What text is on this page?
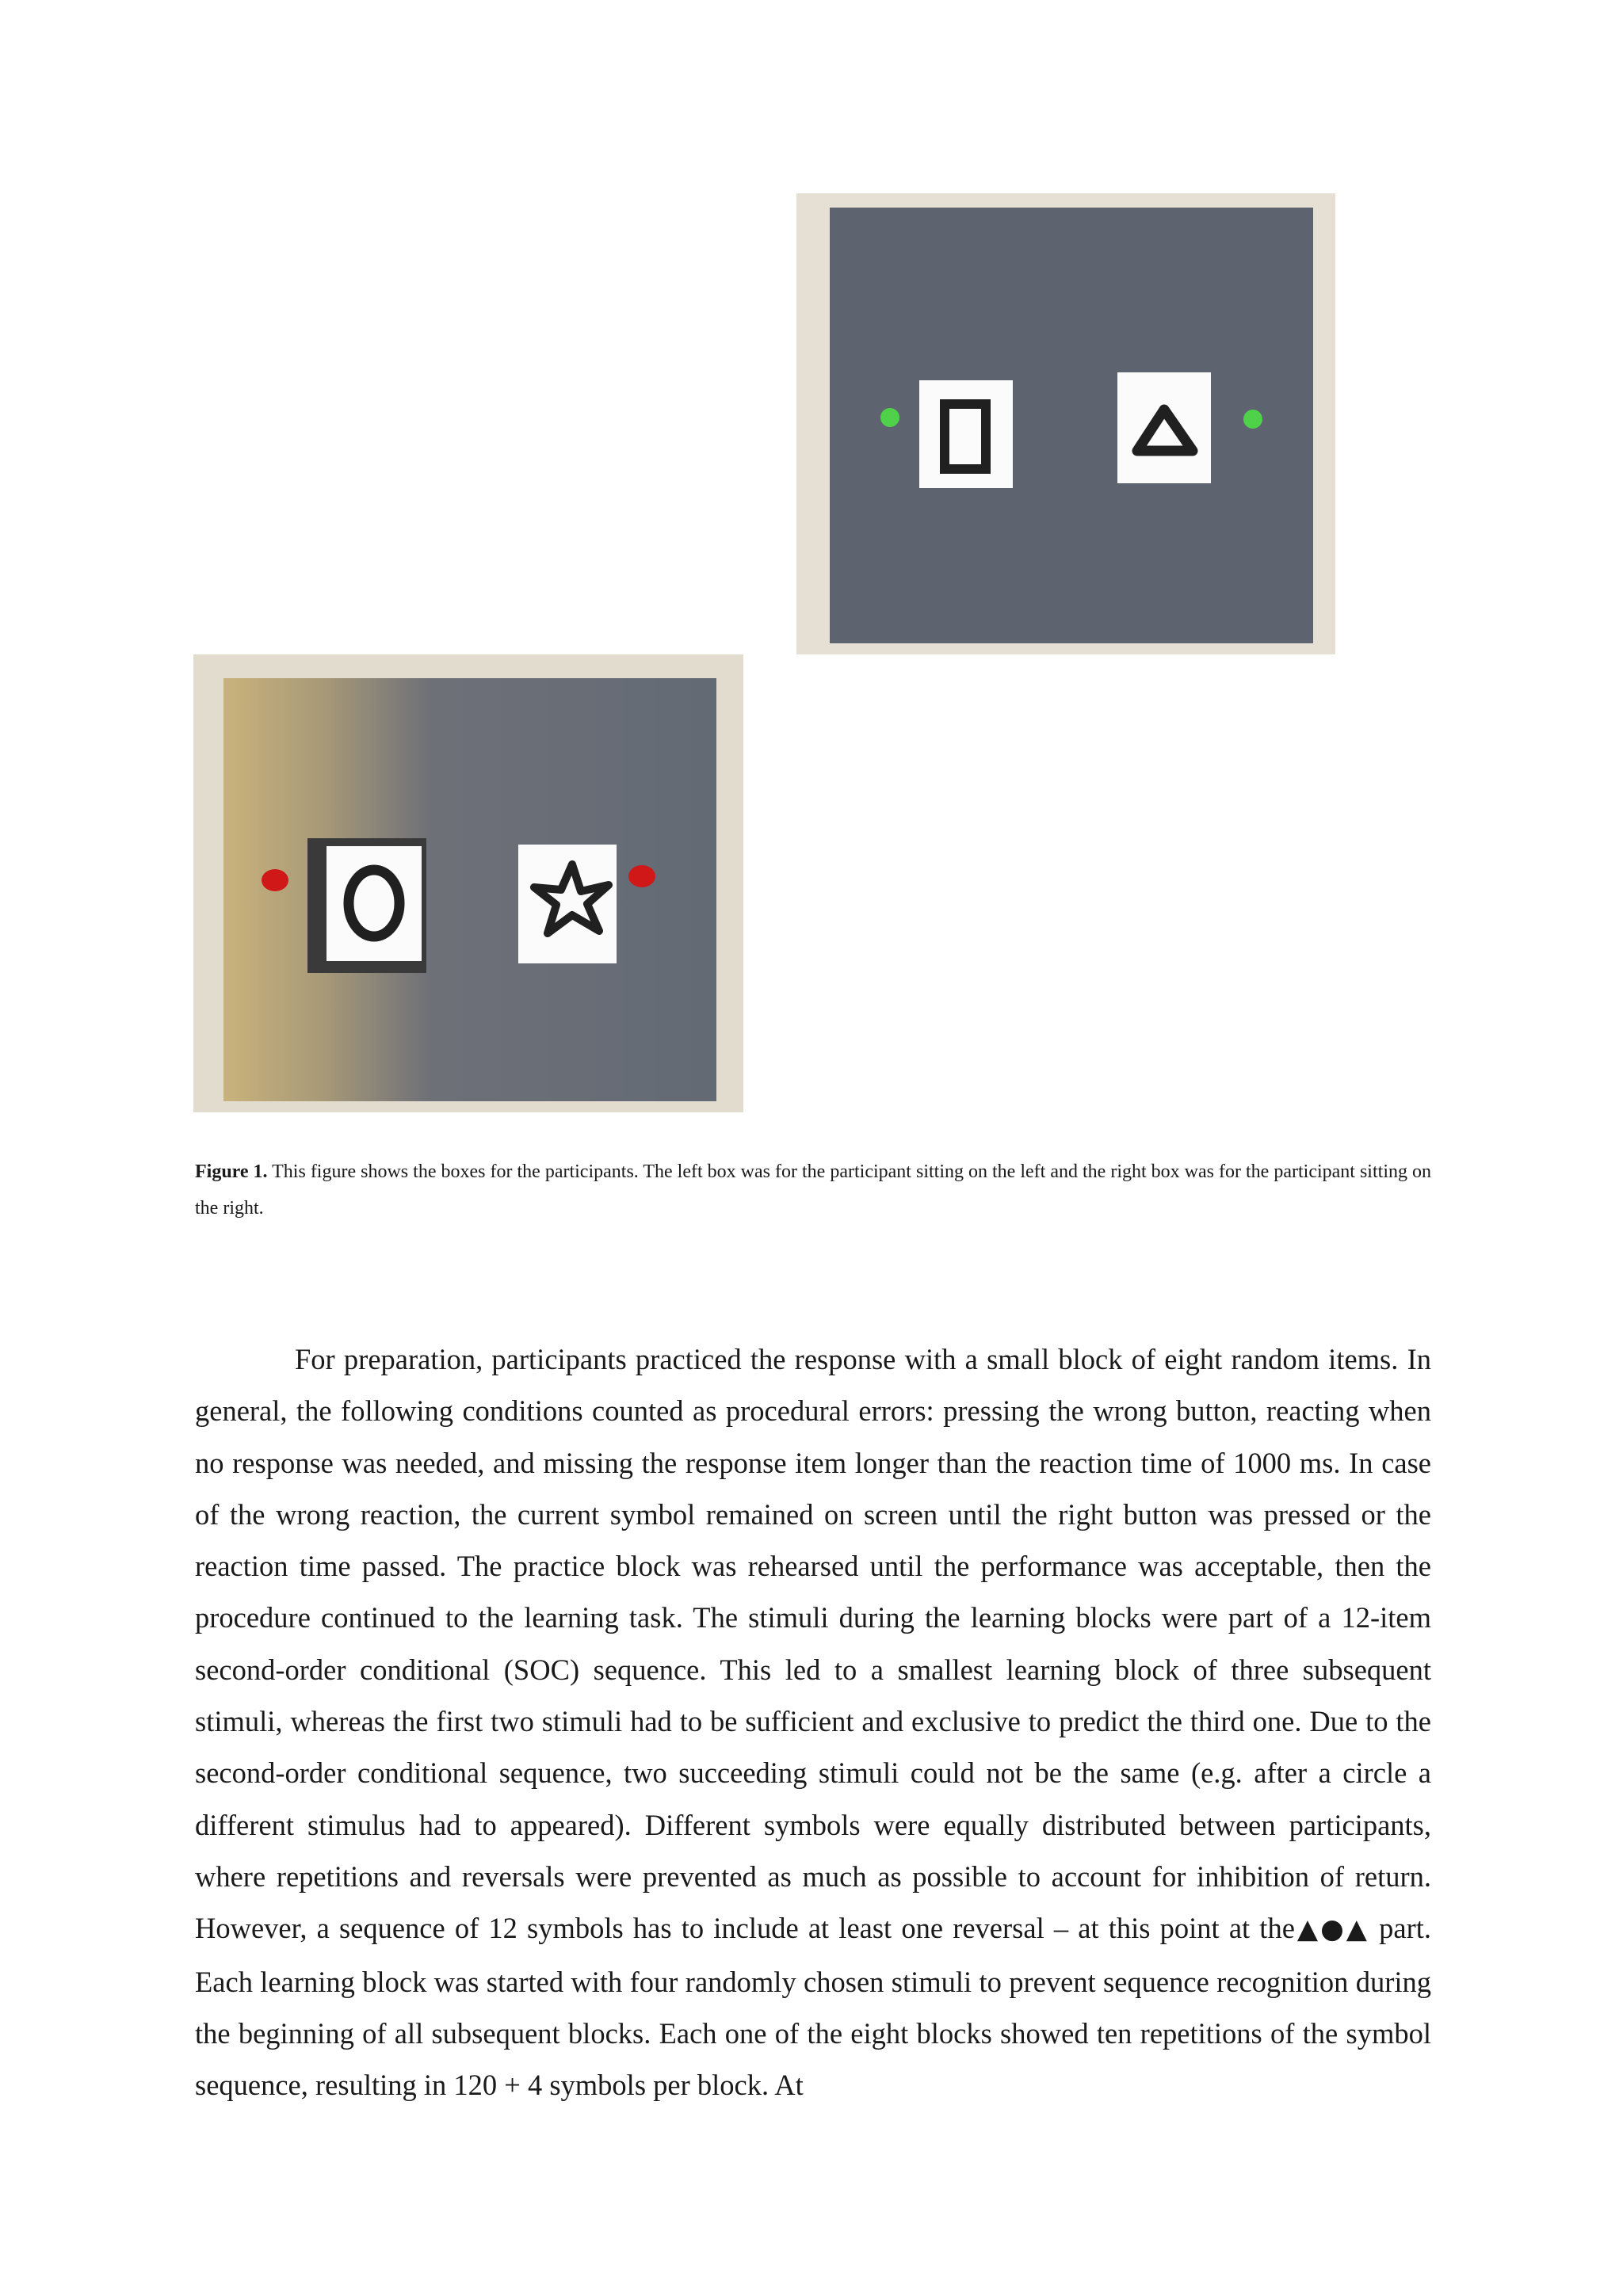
Figure 1. This figure shows the boxes for the participants. The left box was for the participant sitting on the left and the right box was for the participant sitting on the right.

For preparation, participants practiced the response with a small block of eight random items. In general, the following conditions counted as procedural errors: pressing the wrong button, reacting when no response was needed, and missing the response item longer than the reaction time of 1000 ms. In case of the wrong reaction, the current symbol remained on screen until the right button was pressed or the reaction time passed. The practice block was rehearsed until the performance was acceptable, then the procedure continued to the learning task. The stimuli during the learning blocks were part of a 12-item second-order conditional (SOC) sequence. This led to a smallest learning block of three subsequent stimuli, whereas the first two stimuli had to be sufficient and exclusive to predict the third one. Due to the second-order conditional sequence, two succeeding stimuli could not be the same (e.g. after a circle a different stimulus had to appeared). Different symbols were equally distributed between participants, where repetitions and reversals were prevented as much as possible to account for inhibition of return. However, a sequence of 12 symbols has to include at least one reversal – at this point at the▲●▲ part. Each learning block was started with four randomly chosen stimuli to prevent sequence recognition during the beginning of all subsequent blocks. Each one of the eight blocks showed ten repetitions of the symbol sequence, resulting in 120 + 4 symbols per block. At
